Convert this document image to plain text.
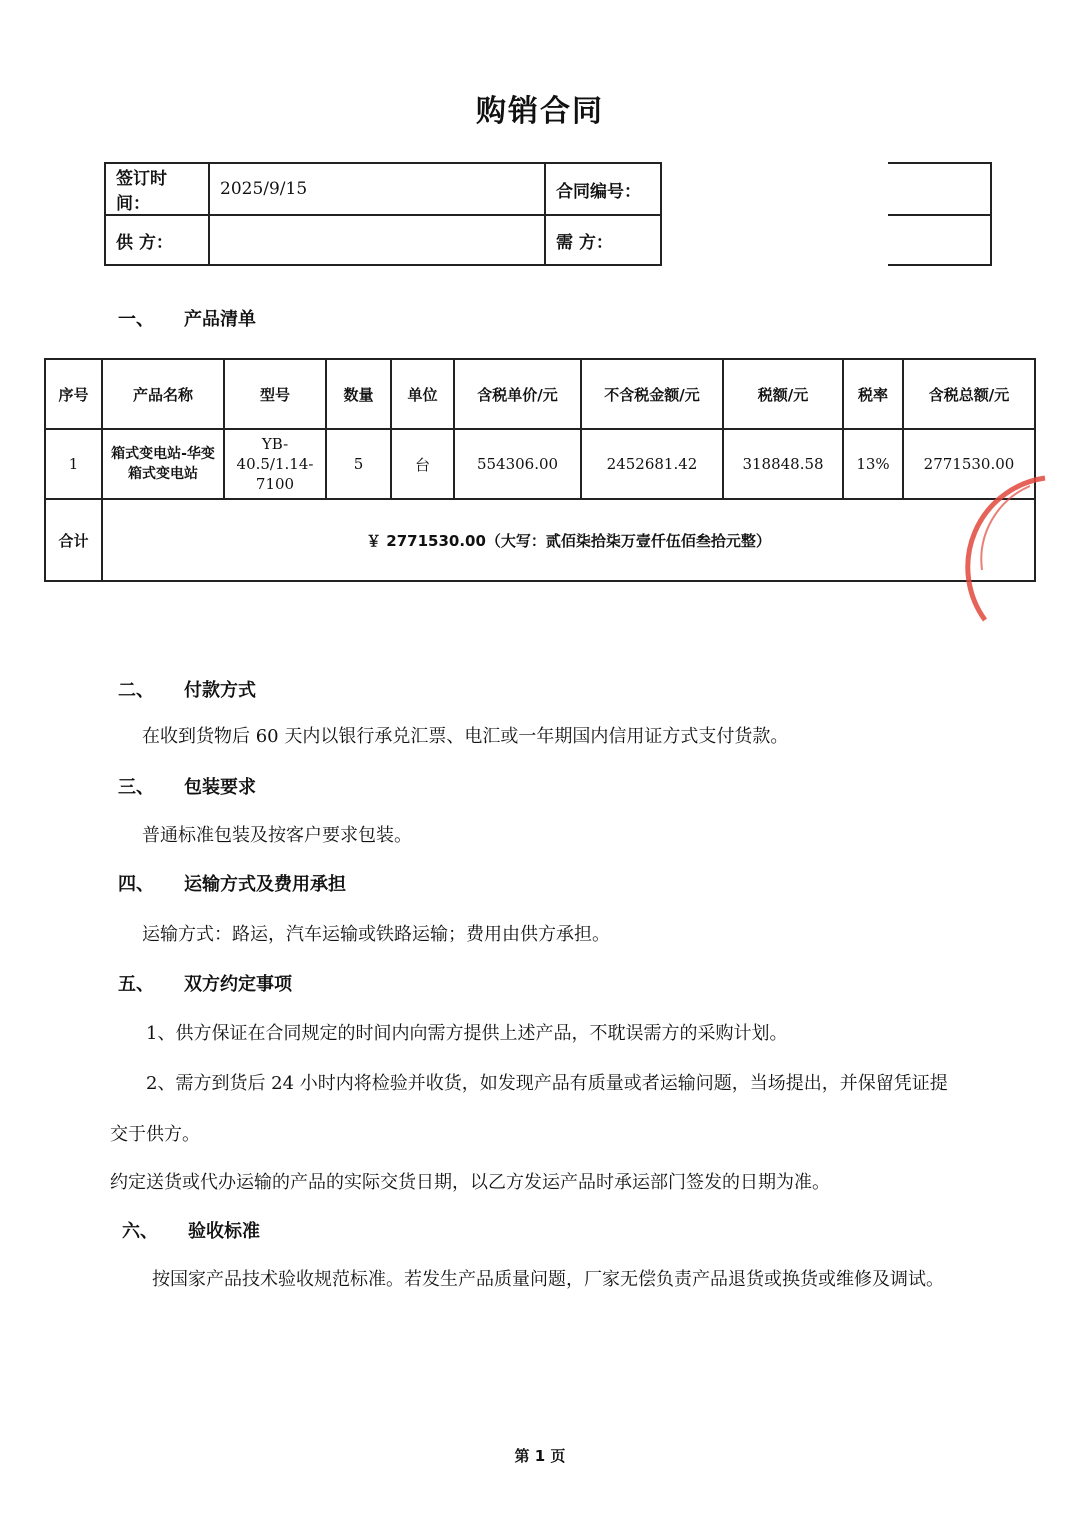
购销合同
签订时间：	2025/9/15	合同编号：	
供 方：		需 方：	
一、 产品清单
序号	产品名称	型号	数量	单位	含税单价/元	不含税金额/元	税额/元	税率	含税总额/元
1	箱式变电站-华变箱式变电站	YB-40.5/1.14-7100	5	台	554306.00	2452681.42	318848.58	13%	2771530.00
合计	￥ 2771530.00（大写：贰佰柒拾柒万壹仟伍佰叁拾元整）								
二、 付款方式
在收到货物后 60 天内以银行承兑汇票、电汇或一年期国内信用证方式支付货款。
三、 包装要求
普通标准包装及按客户要求包装。
四、 运输方式及费用承担
运输方式：路运，汽车运输或铁路运输；费用由供方承担。
五、 双方约定事项
1、供方保证在合同规定的时间内向需方提供上述产品，不耽误需方的采购计划。
2、需方到货后 24 小时内将检验并收货，如发现产品有质量或者运输问题，当场提出，并保留凭证提
交于供方。
约定送货或代办运输的产品的实际交货日期，以乙方发运产品时承运部门签发的日期为准。
六、 验收标准
按国家产品技术验收规范标准。若发生产品质量问题，厂家无偿负责产品退货或换货或维修及调试。
第 1 页
